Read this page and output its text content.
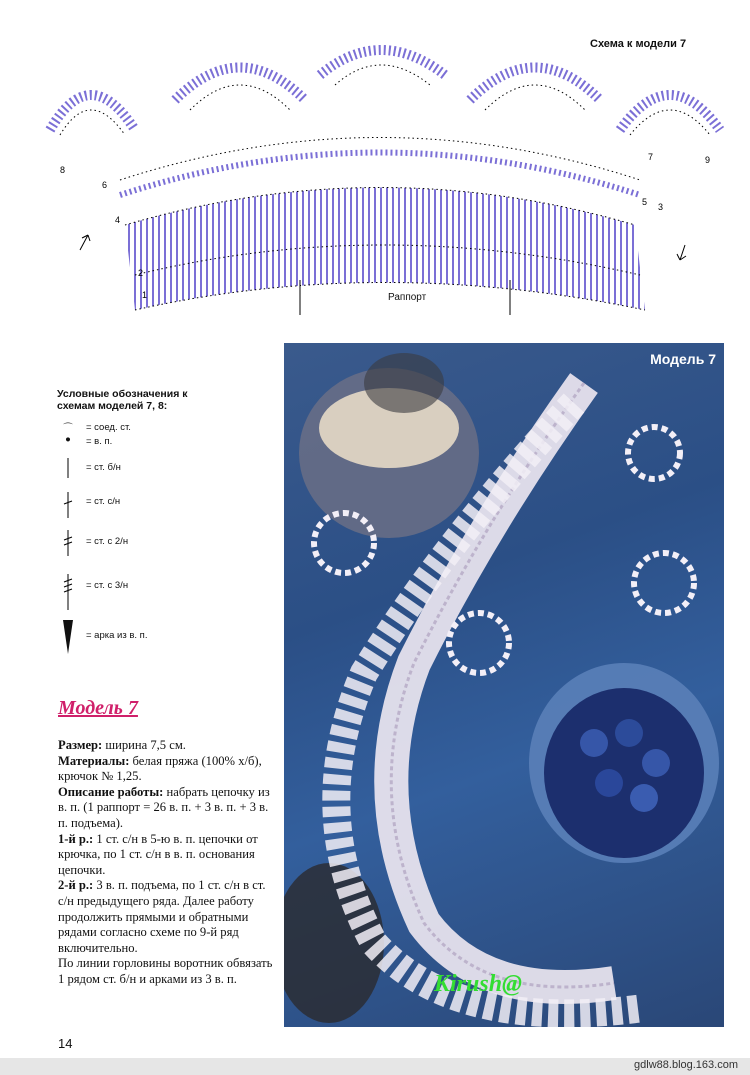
Схема к модели 7
8
6
4
2
1
5
7
3
9
Раппорт
Условные обозначения к схемам моделей 7, 8:
⌒	= соед. ст.
●	= в. п.
= ст. б/н
= ст. с/н
= ст. с 2/н
= ст. с 3/н
= арка из в. п.
Модель 7

Размер: ширина 7,5 см.

Материалы: белая пряжа (100% х/б), крючок № 1,25.

Описание работы: набрать цепочку из в. п. (1 раппорт = 26 в. п. + 3 в. п. + 3 в. п. подъема).

1-й р.: 1 ст. с/н в 5-ю в. п. цепочки от крючка, по 1 ст. с/н в в. п. основания цепочки.

2-й р.: 3 в. п. подъема, по 1 ст. с/н в ст. с/н предыдущего ряда. Далее работу продолжить прямыми и обратными рядами согласно схеме по 9-й ряд включительно.

По линии горловины воротник обвязать 1 рядом ст. б/н и арками из 3 в. п.

Модель 7
Kirush@
14
gdlw88.blog.163.com
